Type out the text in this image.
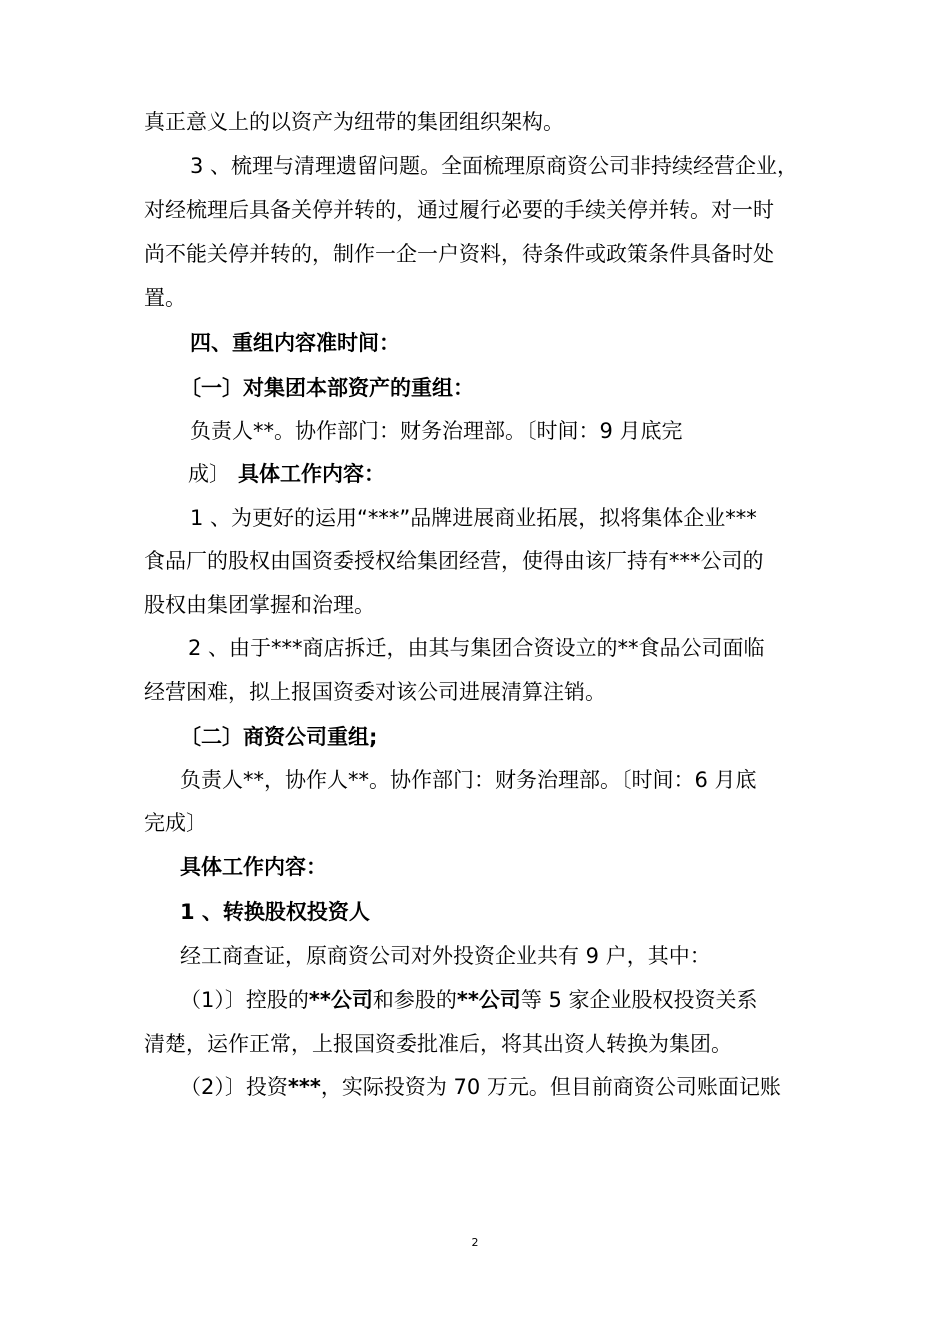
真正意义上的以资产为纽带的集团组织架构。
3 、梳理与清理遗留问题。全面梳理原商资公司非持续经营企业，
对经梳理后具备关停并转的，通过履行必要的手续关停并转。对一时
尚不能关停并转的，制作一企一户资料，待条件或政策条件具备时处
置。
四、重组内容准时间：
〔一〕对集团本部资产的重组：
负责人**。协作部门：财务治理部。〔时间：9 月底完
成〕 具体工作内容：
1 、为更好的运用“***”品牌进展商业拓展，拟将集体企业***
食品厂的股权由国资委授权给集团经营，使得由该厂持有***公司的
股权由集团掌握和治理。
2 、由于***商店拆迁，由其与集团合资设立的**食品公司面临
经营困难，拟上报国资委对该公司进展清算注销。
〔二〕商资公司重组;
负责人**，协作人**。协作部门：财务治理部。〔时间：6 月底
完成〕
具体工作内容：
1 、转换股权投资人
经工商查证，原商资公司对外投资企业共有 9 户，其中：
（1）〕控股的**公司和参股的**公司等 5 家企业股权投资关系
清楚，运作正常，上报国资委批准后，将其出资人转换为集团。
（2）〕投资***，实际投资为 70 万元。但目前商资公司账面记账
2
